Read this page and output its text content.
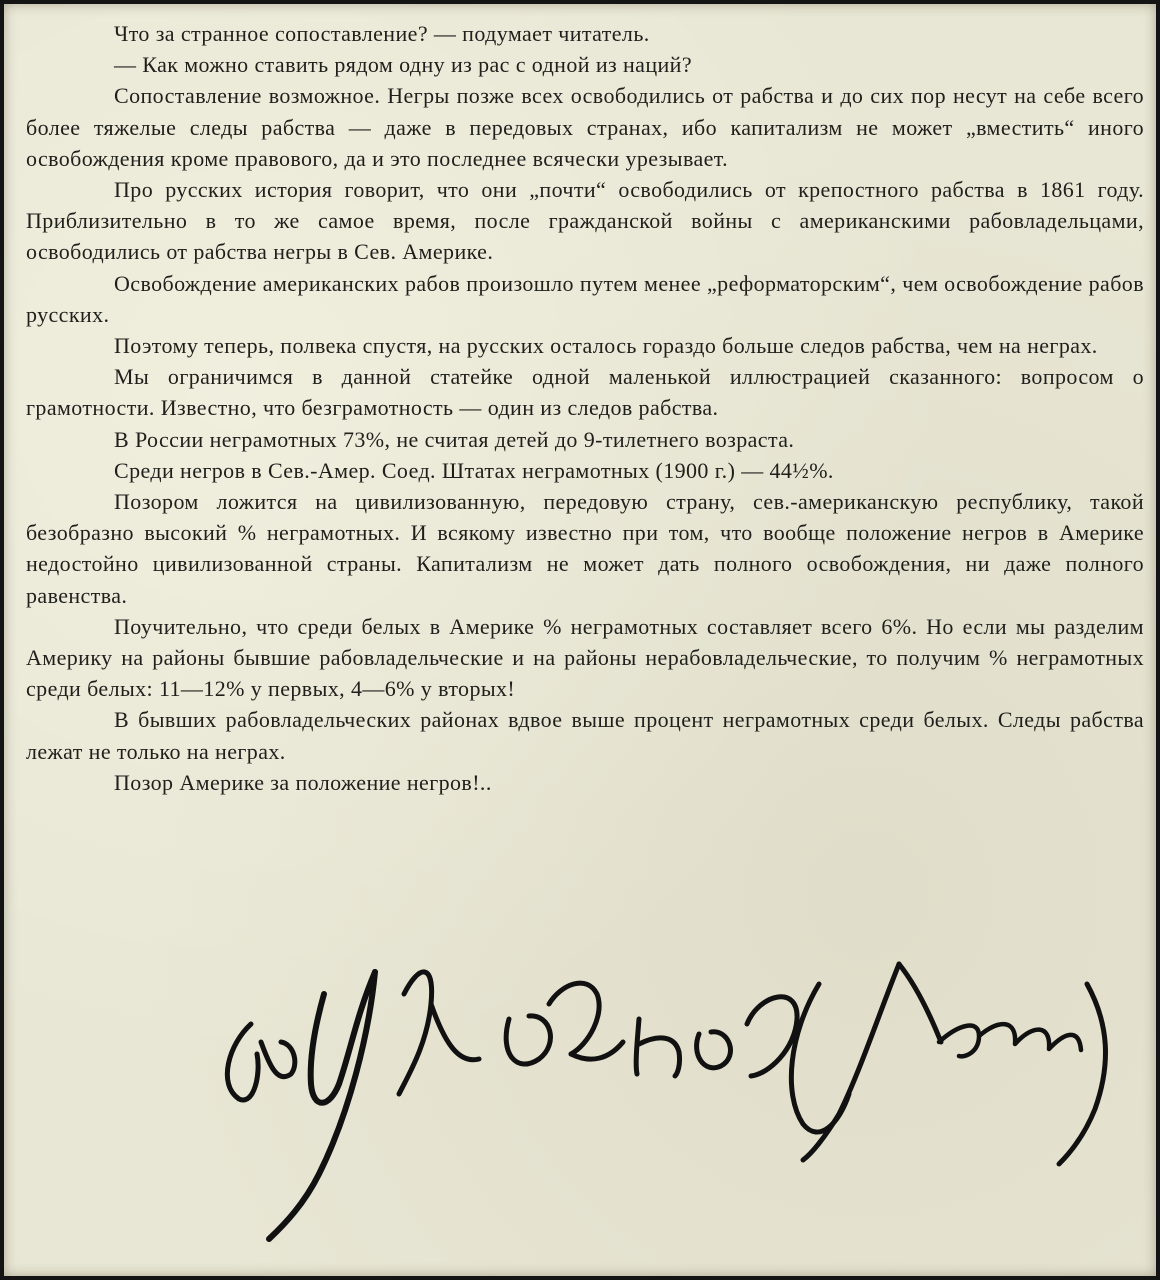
Что за странное сопоставление? — подумает читатель.

— Как можно ставить рядом одну из рас с одной из наций?

Сопоставление возможное. Негры позже всех освободились от рабства и до сих пор несут на себе всего более тяжелые следы рабства — даже в передовых странах, ибо капитализм не может „вместить“ иного освобождения кроме правового, да и это последнее всячески урезывает.

Про русских история говорит, что они „почти“ освободились от крепостного рабства в 1861 году. Приблизительно в то же самое время, после гражданской войны с американскими рабовладельцами, освободились от рабства негры в Сев. Америке.

Освобождение американских рабов произошло путем менее „реформаторским“, чем освобождение рабов русских.

Поэтому теперь, полвека спустя, на русских осталось гораздо больше следов рабства, чем на неграх.

Мы ограничимся в данной статейке одной маленькой иллюстрацией сказанного: вопросом о грамотности. Известно, что безграмотность — один из следов рабства.

В России неграмотных 73%, не считая детей до 9-тилетнего возраста.

Среди негров в Сев.-Амер. Соед. Штатах неграмотных (1900 г.) — 44½%.

Позором ложится на цивилизованную, передовую страну, сев.-американскую республику, такой безобразно высокий % неграмотных. И всякому известно при том, что вообще положение негров в Америке недостойно цивилизованной страны. Капитализм не может дать полного освобождения, ни даже полного равенства.

Поучительно, что среди белых в Америке % неграмотных составляет всего 6%. Но если мы разделим Америку на районы бывшие рабовладельческие и на районы нерабовладельческие, то получим % неграмотных среди белых: 11—12% у первых, 4—6% у вторых!

В бывших рабовладельческих районах вдвое выше процент неграмотных среди белых. Следы рабства лежат не только на неграх.

Позор Америке за положение негров!..
